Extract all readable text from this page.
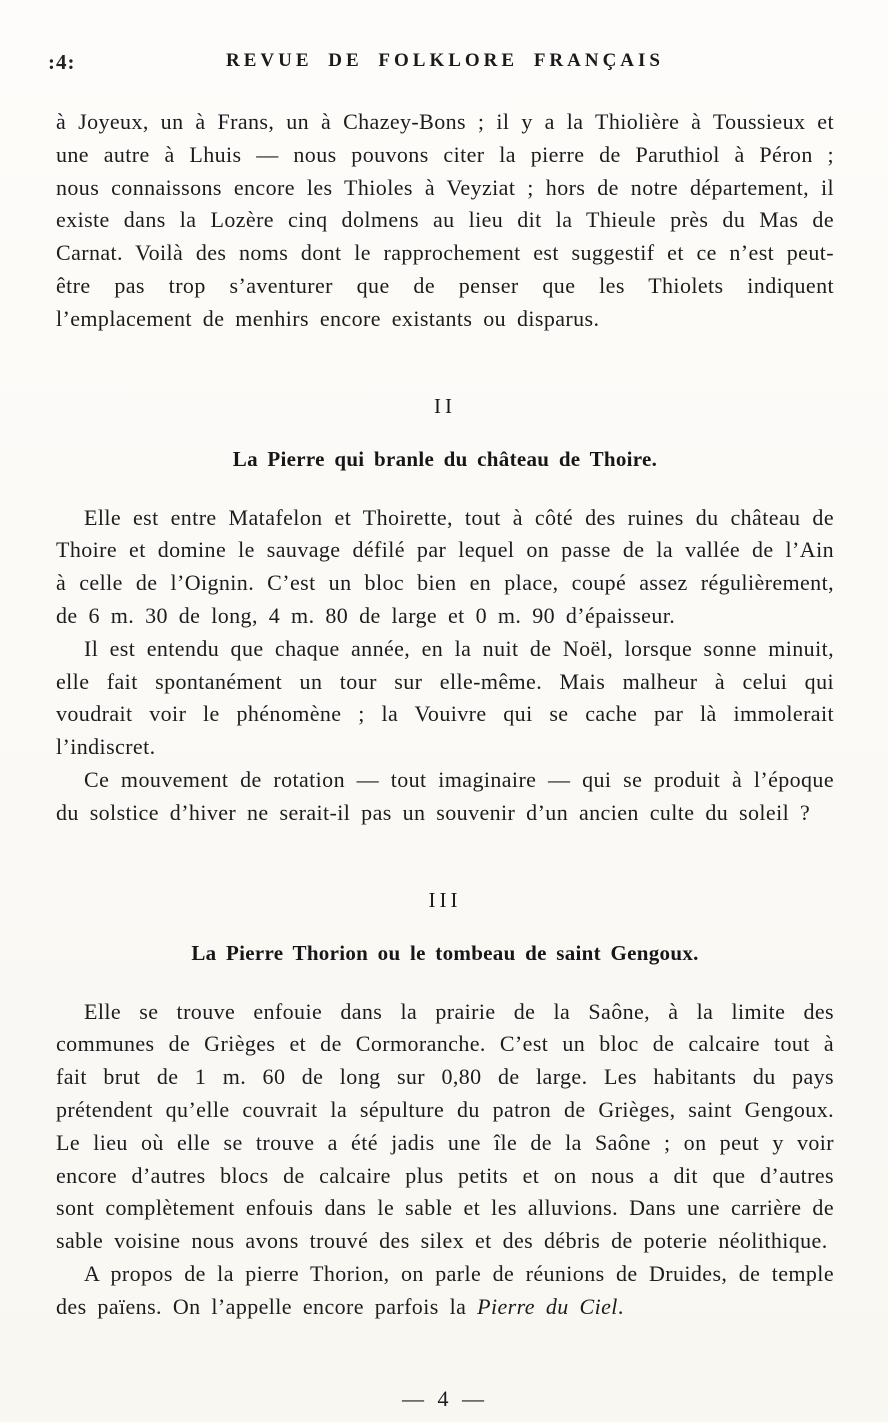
:4:	REVUE DE FOLKLORE FRANÇAIS

à Joyeux, un à Frans, un à Chazey-Bons ; il y a la Thiolière à Toussieux et une autre à Lhuis — nous pouvons citer la pierre de Paruthiol à Péron ; nous connaissons encore les Thioles à Veyziat ; hors de notre département, il existe dans la Lozère cinq dolmens au lieu dit la Thieule près du Mas de Carnat. Voilà des noms dont le rapprochement est suggestif et ce n’est peut-être pas trop s’aventurer que de penser que les Thiolets indiquent l’emplacement de menhirs encore existants ou disparus.

II
La Pierre qui branle du château de Thoire.

Elle est entre Matafelon et Thoirette, tout à côté des ruines du château de Thoire et domine le sauvage défilé par lequel on passe de la vallée de l’Ain à celle de l’Oignin. C’est un bloc bien en place, coupé assez régulièrement, de 6 m. 30 de long, 4 m. 80 de large et 0 m. 90 d’épaisseur.

Il est entendu que chaque année, en la nuit de Noël, lorsque sonne minuit, elle fait spontanément un tour sur elle-même. Mais malheur à celui qui voudrait voir le phénomène ; la Vouivre qui se cache par là immolerait l’indiscret.

Ce mouvement de rotation — tout imaginaire — qui se produit à l’époque du solstice d’hiver ne serait-il pas un souvenir d’un ancien culte du soleil ?

III
La Pierre Thorion ou le tombeau de saint Gengoux.

Elle se trouve enfouie dans la prairie de la Saône, à la limite des communes de Grièges et de Cormoranche. C’est un bloc de calcaire tout à fait brut de 1 m. 60 de long sur 0,80 de large. Les habitants du pays prétendent qu’elle couvrait la sépulture du patron de Grièges, saint Gengoux. Le lieu où elle se trouve a été jadis une île de la Saône ; on peut y voir encore d’autres blocs de calcaire plus petits et on nous a dit que d’autres sont complètement enfouis dans le sable et les alluvions. Dans une carrière de sable voisine nous avons trouvé des silex et des débris de poterie néolithique.

A propos de la pierre Thorion, on parle de réunions de Druides, de temple des païens. On l’appelle encore parfois la Pierre du Ciel.

— 4 —
